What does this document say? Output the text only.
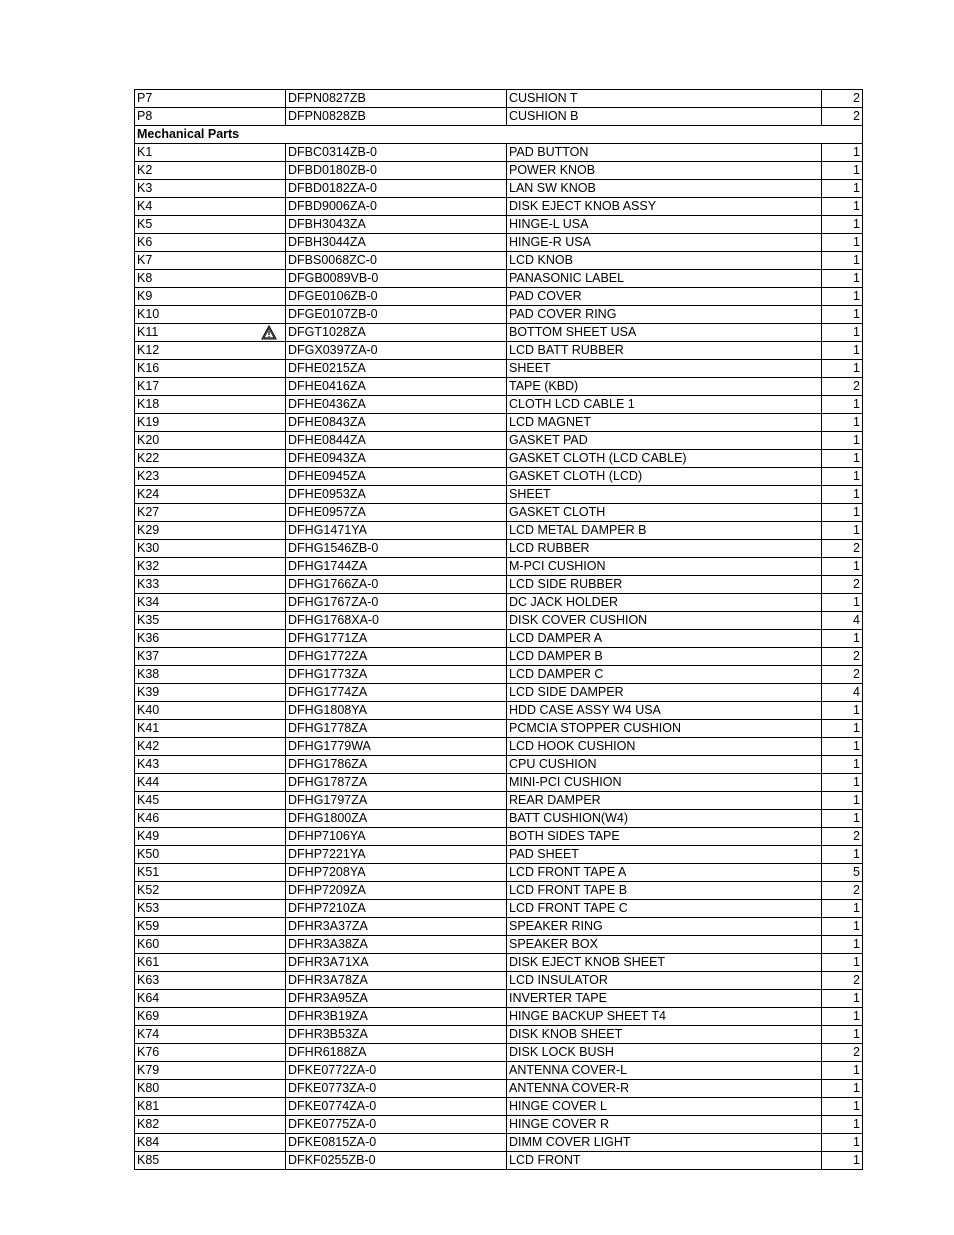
P7	DFPN0827ZB	CUSHION T	2
P8	DFPN0828ZB	CUSHION B	2
Mechanical Parts			
K1	DFBC0314ZB-0	PAD BUTTON	1
K2	DFBD0180ZB-0	POWER KNOB	1
K3	DFBD0182ZA-0	LAN SW KNOB	1
K4	DFBD9006ZA-0	DISK EJECT KNOB ASSY	1
K5	DFBH3043ZA	HINGE-L USA	1
K6	DFBH3044ZA	HINGE-R USA	1
K7	DFBS0068ZC-0	LCD KNOB	1
K8	DFGB0089VB-0	PANASONIC LABEL	1
K9	DFGE0106ZB-0	PAD COVER	1
K10	DFGE0107ZB-0	PAD COVER RING	1
K11	DFGT1028ZA	BOTTOM SHEET USA	1
K12	DFGX0397ZA-0	LCD BATT RUBBER	1
K16	DFHE0215ZA	SHEET	1
K17	DFHE0416ZA	TAPE (KBD)	2
K18	DFHE0436ZA	CLOTH LCD CABLE 1	1
K19	DFHE0843ZA	LCD MAGNET	1
K20	DFHE0844ZA	GASKET PAD	1
K22	DFHE0943ZA	GASKET CLOTH (LCD CABLE)	1
K23	DFHE0945ZA	GASKET CLOTH (LCD)	1
K24	DFHE0953ZA	SHEET	1
K27	DFHE0957ZA	GASKET CLOTH	1
K29	DFHG1471YA	LCD METAL DAMPER B	1
K30	DFHG1546ZB-0	LCD RUBBER	2
K32	DFHG1744ZA	M-PCI CUSHION	1
K33	DFHG1766ZA-0	LCD SIDE RUBBER	2
K34	DFHG1767ZA-0	DC JACK HOLDER	1
K35	DFHG1768XA-0	DISK COVER CUSHION	4
K36	DFHG1771ZA	LCD DAMPER A	1
K37	DFHG1772ZA	LCD DAMPER B	2
K38	DFHG1773ZA	LCD DAMPER C	2
K39	DFHG1774ZA	LCD SIDE DAMPER	4
K40	DFHG1808YA	HDD CASE ASSY W4 USA	1
K41	DFHG1778ZA	PCMCIA STOPPER CUSHION	1
K42	DFHG1779WA	LCD HOOK CUSHION	1
K43	DFHG1786ZA	CPU CUSHION	1
K44	DFHG1787ZA	MINI-PCI CUSHION	1
K45	DFHG1797ZA	REAR DAMPER	1
K46	DFHG1800ZA	BATT CUSHION(W4)	1
K49	DFHP7106YA	BOTH SIDES TAPE	2
K50	DFHP7221YA	PAD SHEET	1
K51	DFHP7208YA	LCD FRONT TAPE A	5
K52	DFHP7209ZA	LCD FRONT TAPE B	2
K53	DFHP7210ZA	LCD FRONT TAPE C	1
K59	DFHR3A37ZA	SPEAKER RING	1
K60	DFHR3A38ZA	SPEAKER BOX	1
K61	DFHR3A71XA	DISK EJECT KNOB SHEET	1
K63	DFHR3A78ZA	LCD INSULATOR	2
K64	DFHR3A95ZA	INVERTER TAPE	1
K69	DFHR3B19ZA	HINGE BACKUP SHEET T4	1
K74	DFHR3B53ZA	DISK KNOB SHEET	1
K76	DFHR6188ZA	DISK LOCK BUSH	2
K79	DFKE0772ZA-0	ANTENNA COVER-L	1
K80	DFKE0773ZA-0	ANTENNA COVER-R	1
K81	DFKE0774ZA-0	HINGE COVER L	1
K82	DFKE0775ZA-0	HINGE COVER R	1
K84	DFKE0815ZA-0	DIMM COVER LIGHT	1
K85	DFKF0255ZB-0	LCD FRONT	1
